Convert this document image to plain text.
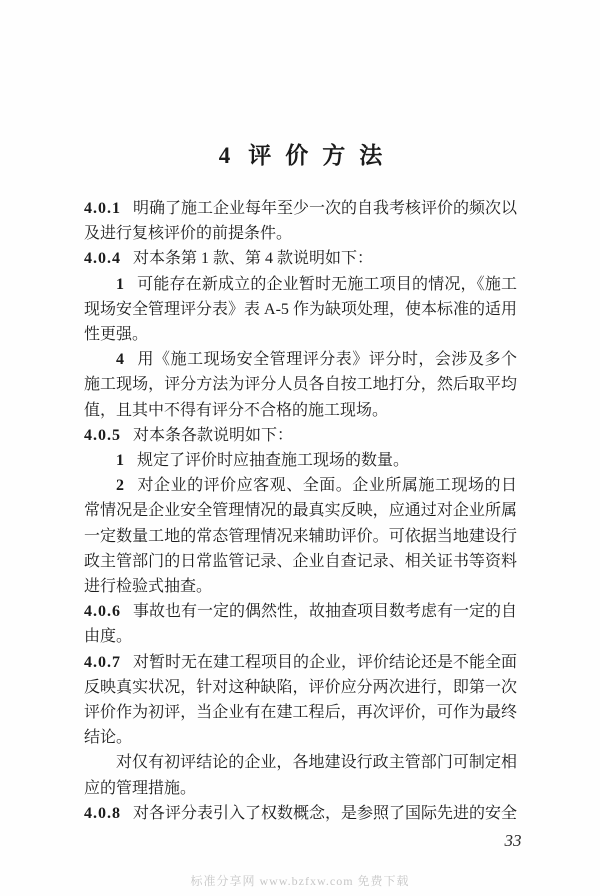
4 评价方法

4.0.1 明确了施工企业每年至少一次的自我考核评价的频次以及进行复核评价的前提条件。

4.0.4 对本条第 1 款、第 4 款说明如下：

1 可能存在新成立的企业暂时无施工项目的情况，《施工现场安全管理评分表》表 A-5 作为缺项处理，使本标准的适用性更强。

4 用《施工现场安全管理评分表》评分时，会涉及多个施工现场，评分方法为评分人员各自按工地打分，然后取平均值，且其中不得有评分不合格的施工现场。

4.0.5 对本条各款说明如下：

1 规定了评价时应抽查施工现场的数量。

2 对企业的评价应客观、全面。企业所属施工现场的日常情况是企业安全管理情况的最真实反映，应通过对企业所属一定数量工地的常态管理情况来辅助评价。可依据当地建设行政主管部门的日常监管记录、企业自查记录、相关证书等资料进行检验式抽查。

4.0.6 事故也有一定的偶然性，故抽查项目数考虑有一定的自由度。

4.0.7 对暂时无在建工程项目的企业，评价结论还是不能全面反映真实状况，针对这种缺陷，评价应分两次进行，即第一次评价作为初评，当企业有在建工程后，再次评价，可作为最终结论。

对仅有初评结论的企业，各地建设行政主管部门可制定相应的管理措施。

4.0.8 对各评分表引入了权数概念，是参照了国际先进的安全

33
标准分享网 www.bzfxw.com 免费下载
